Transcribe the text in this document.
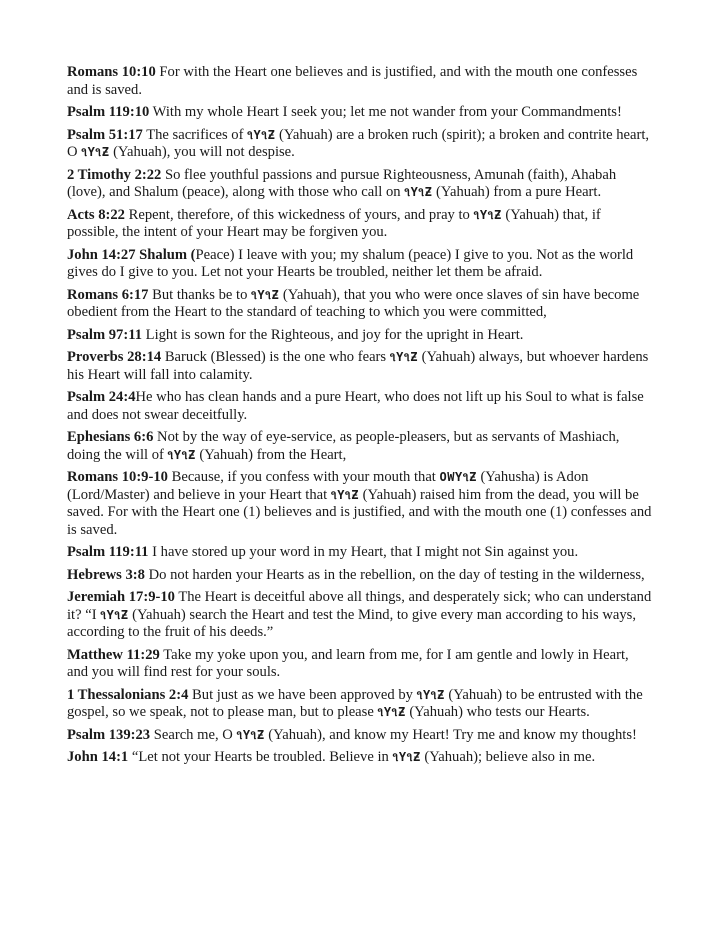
Romans 10:10 For with the Heart one believes and is justified, and with the mouth one confesses and is saved.

Psalm 119:10 With my whole Heart I seek you; let me not wander from your Commandments!

Psalm 51:17 The sacrifices of ૧Y૧Ƶ (Yahuah) are a broken ruch (spirit); a broken and contrite heart, O ૧Y૧Ƶ (Yahuah), you will not despise.

2 Timothy 2:22 So flee youthful passions and pursue Righteousness, Amunah (faith), Ahabah (love), and Shalum (peace), along with those who call on ૧Y૧Ƶ (Yahuah) from a pure Heart.

Acts 8:22 Repent, therefore, of this wickedness of yours, and pray to ૧Y૧Ƶ (Yahuah) that, if possible, the intent of your Heart may be forgiven you.

John 14:27 Shalum (Peace) I leave with you; my shalum (peace) I give to you. Not as the world gives do I give to you. Let not your Hearts be troubled, neither let them be afraid.

Romans 6:17 But thanks be to ૧Y૧Ƶ (Yahuah), that you who were once slaves of sin have become obedient from the Heart to the standard of teaching to which you were committed,

Psalm 97:11 Light is sown for the Righteous, and joy for the upright in Heart.

Proverbs 28:14 Baruck (Blessed) is the one who fears ૧Y૧Ƶ (Yahuah) always, but whoever hardens his Heart will fall into calamity.

Psalm 24:4He who has clean hands and a pure Heart, who does not lift up his Soul to what is false and does not swear deceitfully.

Ephesians 6:6 Not by the way of eye-service, as people-pleasers, but as servants of Mashiach, doing the will of ૧Y૧Ƶ (Yahuah) from the Heart,

Romans 10:9-10 Because, if you confess with your mouth that OWY૧Ƶ (Yahusha) is Adon (Lord/Master) and believe in your Heart that ૧Y૧Ƶ (Yahuah) raised him from the dead, you will be saved. For with the Heart one (1) believes and is justified, and with the mouth one (1) confesses and is saved.

Psalm 119:11 I have stored up your word in my Heart, that I might not Sin against you.

Hebrews 3:8 Do not harden your Hearts as in the rebellion, on the day of testing in the wilderness,

Jeremiah 17:9-10 The Heart is deceitful above all things, and desperately sick; who can understand it? “I ૧Y૧Ƶ (Yahuah) search the Heart and test the Mind, to give every man according to his ways, according to the fruit of his deeds.”

Matthew 11:29 Take my yoke upon you, and learn from me, for I am gentle and lowly in Heart, and you will find rest for your souls.

1 Thessalonians 2:4 But just as we have been approved by ૧Y૧Ƶ (Yahuah) to be entrusted with the gospel, so we speak, not to please man, but to please ૧Y૧Ƶ (Yahuah) who tests our Hearts.

Psalm 139:23 Search me, O ૧Y૧Ƶ (Yahuah), and know my Heart! Try me and know my thoughts!

John 14:1 “Let not your Hearts be troubled. Believe in ૧Y૧Ƶ (Yahuah); believe also in me.
